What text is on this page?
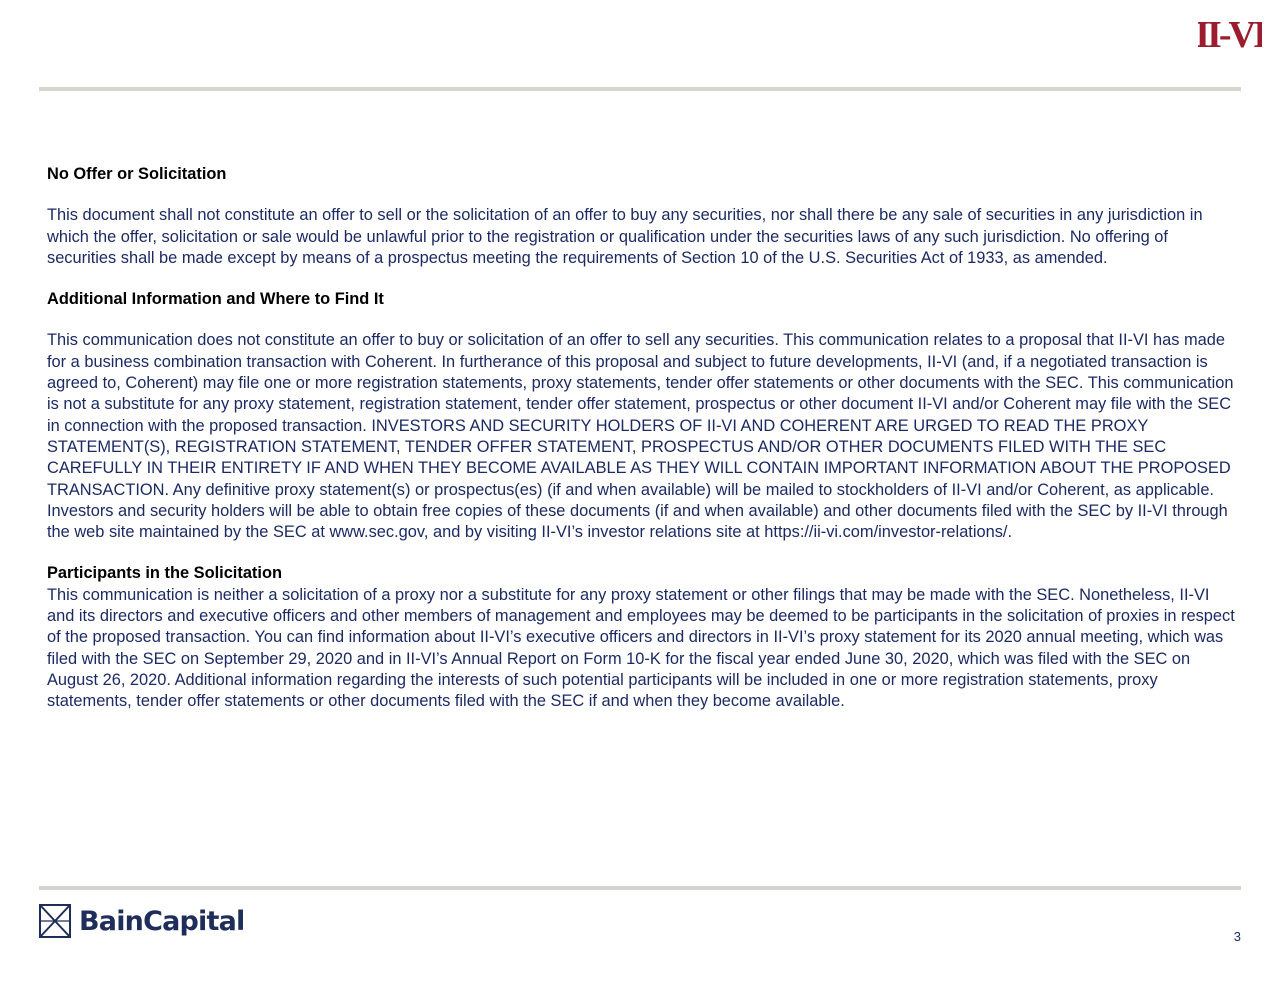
II-VI
No Offer or Solicitation

This document shall not constitute an offer to sell or the solicitation of an offer to buy any securities, nor shall there be any sale of securities in any jurisdiction in which the offer, solicitation or sale would be unlawful prior to the registration or qualification under the securities laws of any such jurisdiction. No offering of securities shall be made except by means of a prospectus meeting the requirements of Section 10 of the U.S. Securities Act of 1933, as amended.

Additional Information and Where to Find It

This communication does not constitute an offer to buy or solicitation of an offer to sell any securities. This communication relates to a proposal that II-VI has made for a business combination transaction with Coherent. In furtherance of this proposal and subject to future developments, II-VI (and, if a negotiated transaction is agreed to, Coherent) may file one or more registration statements, proxy statements, tender offer statements or other documents with the SEC. This communication is not a substitute for any proxy statement, registration statement, tender offer statement, prospectus or other document II-VI and/or Coherent may file with the SEC in connection with the proposed transaction. INVESTORS AND SECURITY HOLDERS OF II-VI AND COHERENT ARE URGED TO READ THE PROXY STATEMENT(S), REGISTRATION STATEMENT, TENDER OFFER STATEMENT, PROSPECTUS AND/OR OTHER DOCUMENTS FILED WITH THE SEC CAREFULLY IN THEIR ENTIRETY IF AND WHEN THEY BECOME AVAILABLE AS THEY WILL CONTAIN IMPORTANT INFORMATION ABOUT THE PROPOSED TRANSACTION. Any definitive proxy statement(s) or prospectus(es) (if and when available) will be mailed to stockholders of II-VI and/or Coherent, as applicable. Investors and security holders will be able to obtain free copies of these documents (if and when available) and other documents filed with the SEC by II-VI through the web site maintained by the SEC at www.sec.gov, and by visiting II-VI’s investor relations site at https://ii-vi.com/investor-relations/.

Participants in the Solicitation

This communication is neither a solicitation of a proxy nor a substitute for any proxy statement or other filings that may be made with the SEC. Nonetheless, II-VI and its directors and executive officers and other members of management and employees may be deemed to be participants in the solicitation of proxies in respect of the proposed transaction. You can find information about II-VI’s executive officers and directors in II-VI’s proxy statement for its 2020 annual meeting, which was filed with the SEC on September 29, 2020 and in II-VI’s Annual Report on Form 10-K for the fiscal year ended June 30, 2020, which was filed with the SEC on August 26, 2020. Additional information regarding the interests of such potential participants will be included in one or more registration statements, proxy statements, tender offer statements or other documents filed with the SEC if and when they become available.

BainCapital	3
